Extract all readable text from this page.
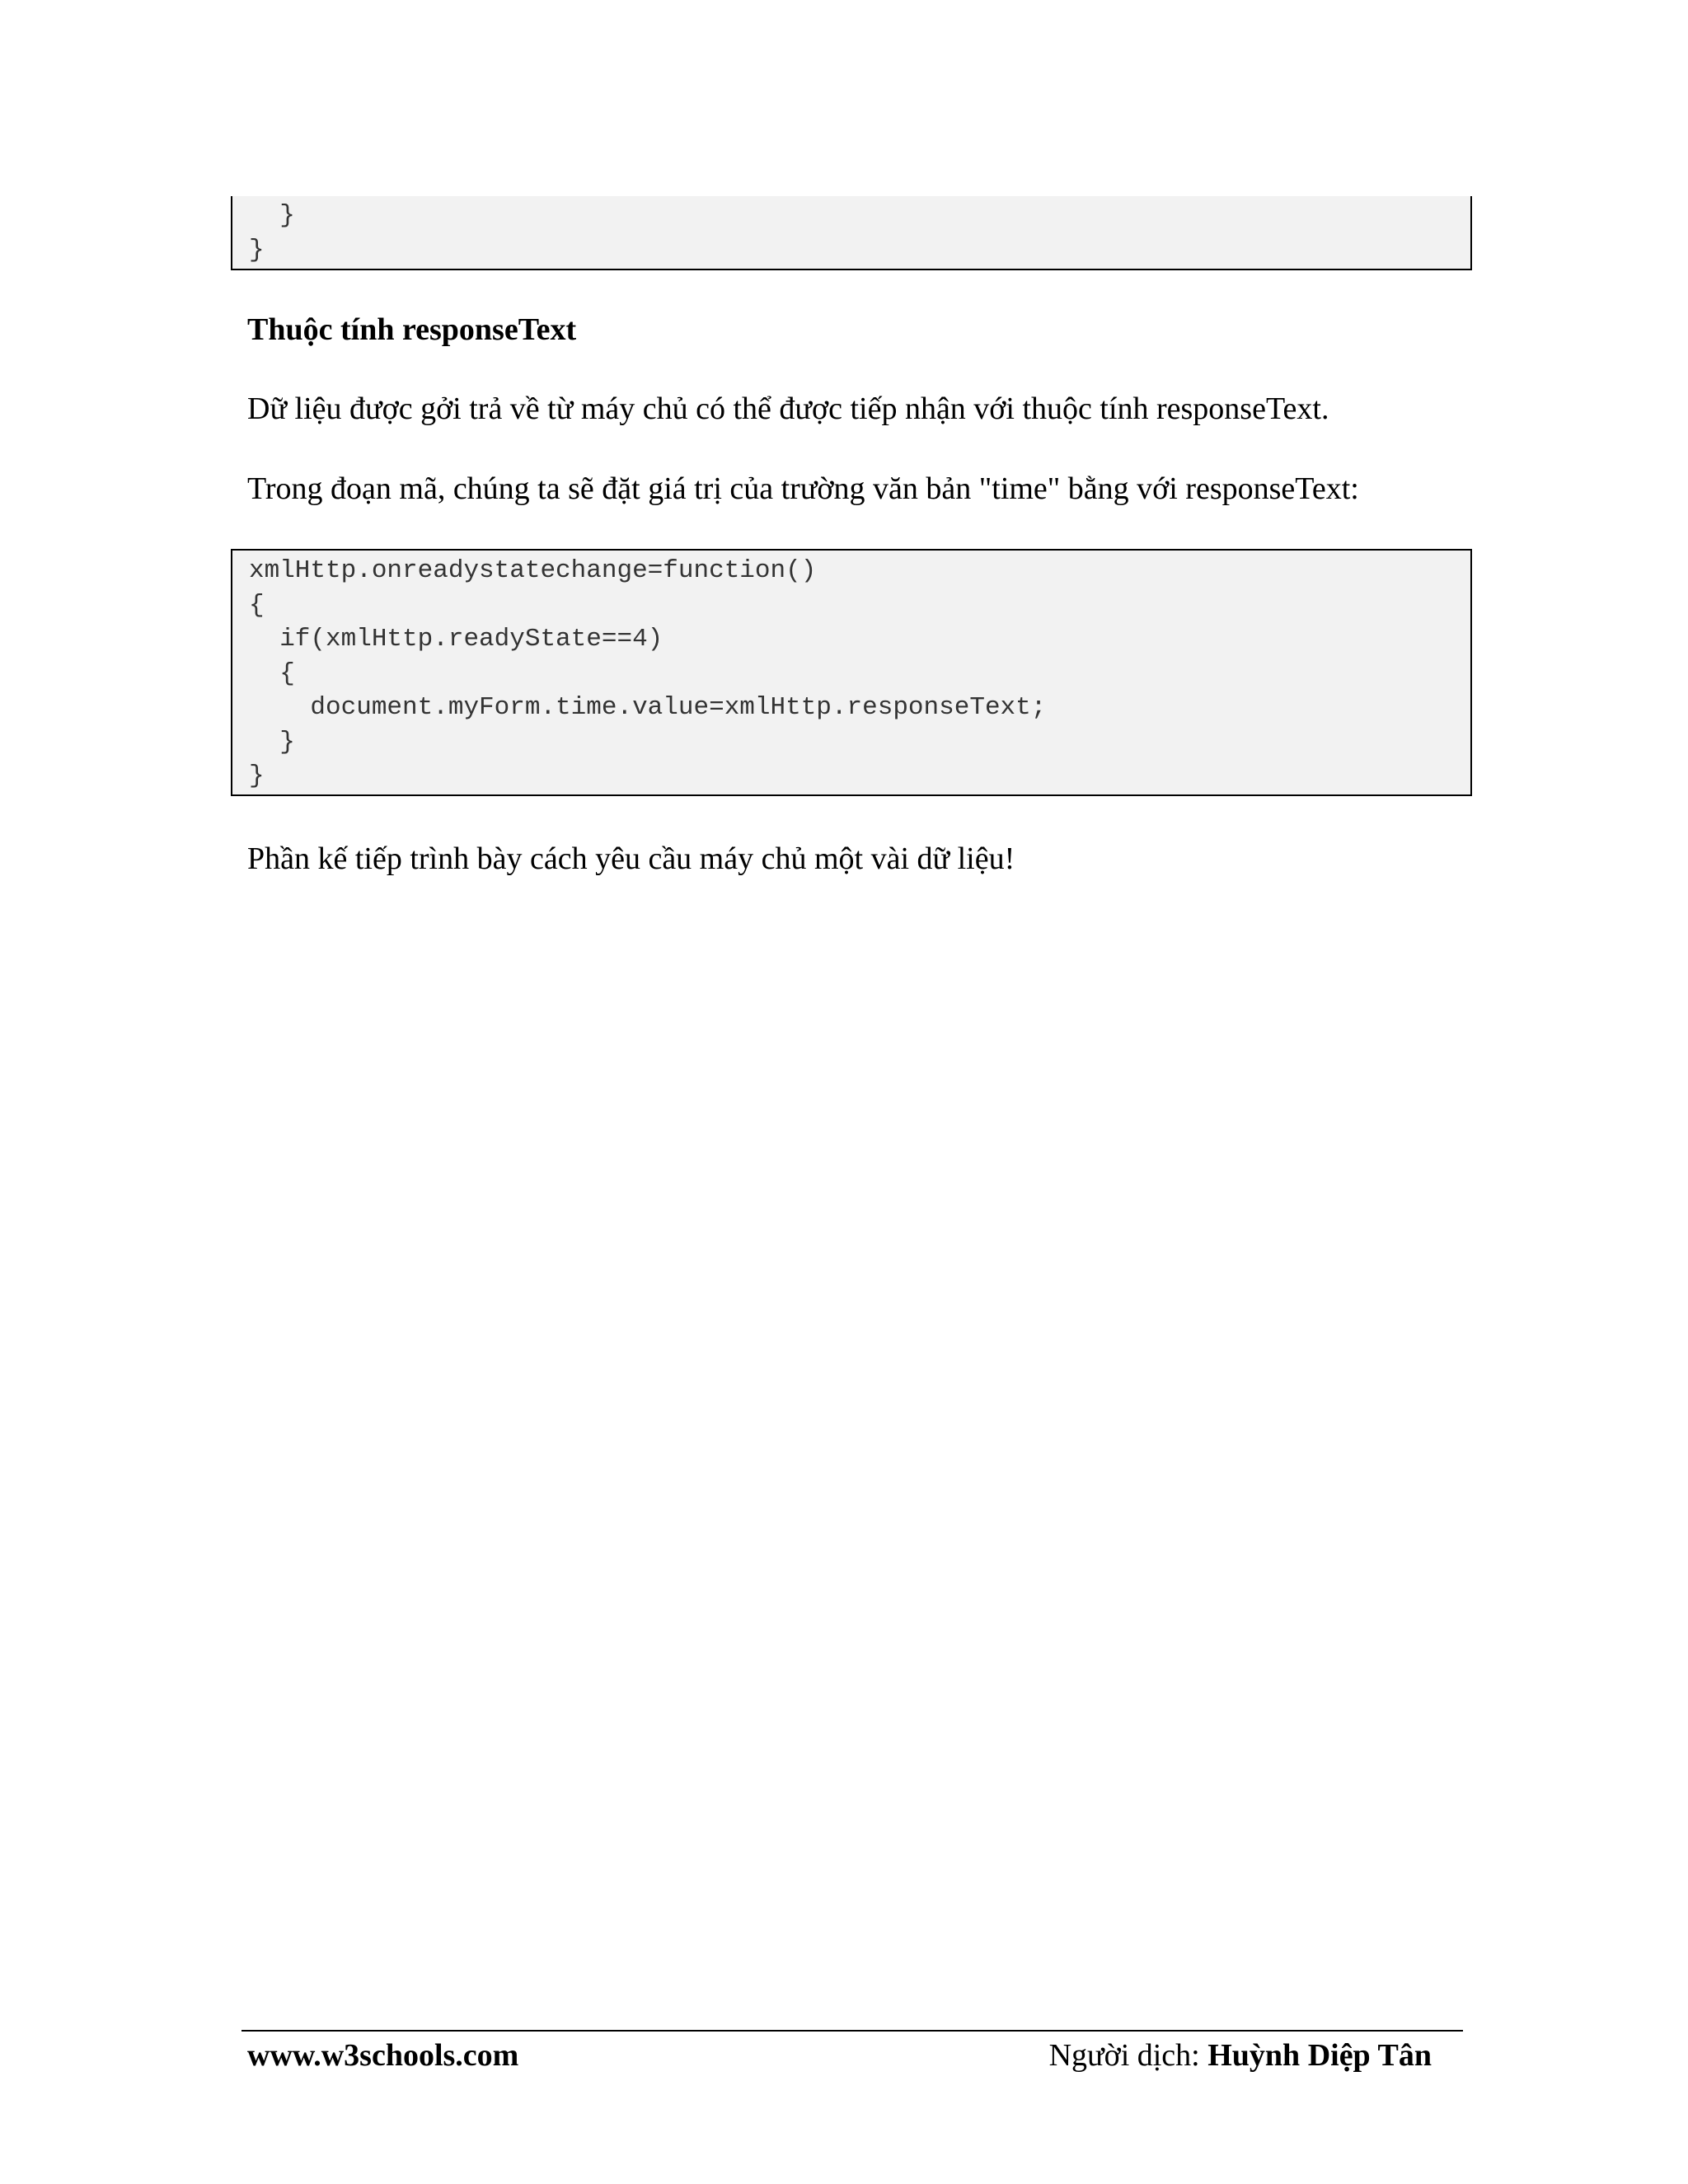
}
}
Thuộc tính responseText
Dữ liệu được gởi trả về từ máy chủ có thể được tiếp nhận với thuộc tính responseText.
Trong đoạn mã, chúng ta sẽ đặt giá trị của trường văn bản "time" bằng với responseText:
xmlHttp.onreadystatechange=function()
{
if(xmlHttp.readyState==4)
{
document.myForm.time.value=xmlHttp.responseText;
}
}
Phần kế tiếp trình bày cách yêu cầu máy chủ một vài dữ liệu!
www.w3schools.com	Người dịch: Huỳnh Diệp Tân
